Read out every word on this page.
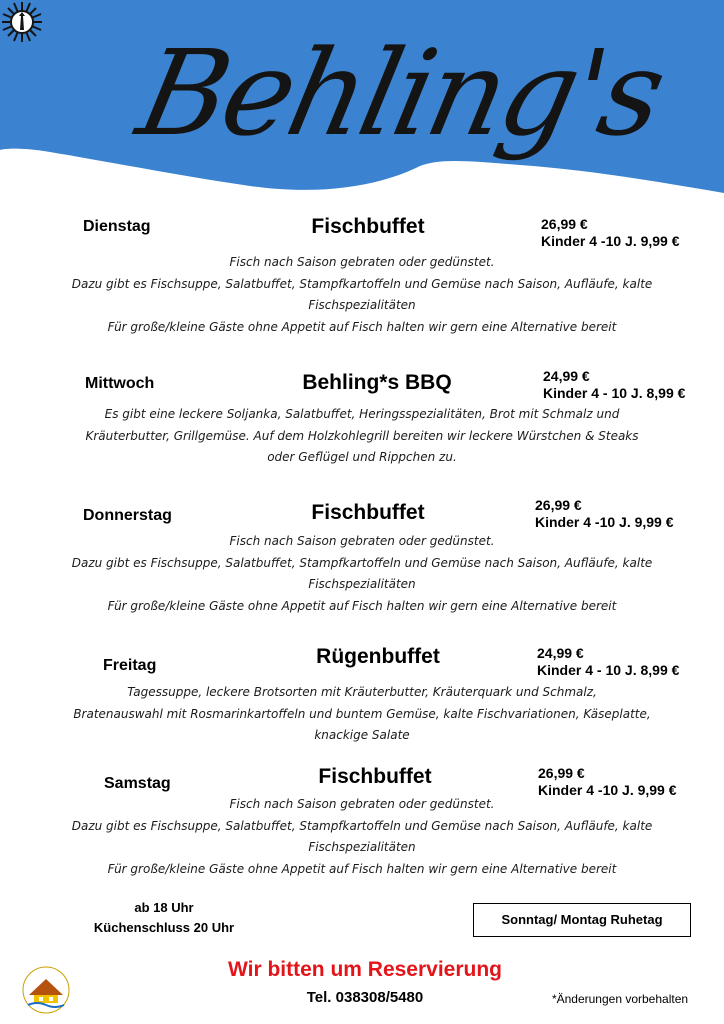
Behling's
Dienstag	Fischbuffet	26,99 €
Kinder 4 -10 J. 9,99 €
Fisch nach Saison gebraten oder gedünstet.
Dazu gibt es Fischsuppe, Salatbuffet, Stampfkartoffeln und Gemüse nach Saison, Aufläufe, kalte
Fischspezialitäten
Für große/kleine Gäste ohne Appetit auf Fisch halten wir gern eine Alternative bereit
Mittwoch	Behling*s BBQ	24,99 €
Kinder 4 - 10 J. 8,99 €
Es gibt eine leckere Soljanka, Salatbuffet, Heringsspezialitäten, Brot mit Schmalz und
Kräuterbutter, Grillgemüse. Auf dem Holzkohlegrill bereiten wir leckere Würstchen & Steaks
oder Geflügel und Rippchen zu.
Donnerstag	Fischbuffet	26,99 €
Kinder 4 -10 J. 9,99 €
Fisch nach Saison gebraten oder gedünstet.
Dazu gibt es Fischsuppe, Salatbuffet, Stampfkartoffeln und Gemüse nach Saison, Aufläufe, kalte
Fischspezialitäten
Für große/kleine Gäste ohne Appetit auf Fisch halten wir gern eine Alternative bereit
Freitag	Rügenbuffet	24,99 €
Kinder 4 - 10 J. 8,99 €
Tagessuppe, leckere Brotsorten mit Kräuterbutter, Kräuterquark und Schmalz,
Bratenauswahl mit Rosmarinkartoffeln und buntem Gemüse, kalte Fischvariationen, Käseplatte,
knackige Salate
Samstag	Fischbuffet	26,99 €
Kinder 4 -10 J. 9,99 €
Fisch nach Saison gebraten oder gedünstet.
Dazu gibt es Fischsuppe, Salatbuffet, Stampfkartoffeln und Gemüse nach Saison, Aufläufe, kalte
Fischspezialitäten
Für große/kleine Gäste ohne Appetit auf Fisch halten wir gern eine Alternative bereit
ab 18 Uhr
Küchenschluss 20 Uhr
Sonntag/ Montag Ruhetag
Wir bitten um Reservierung
Tel. 038308/5480	*Änderungen vorbehalten
